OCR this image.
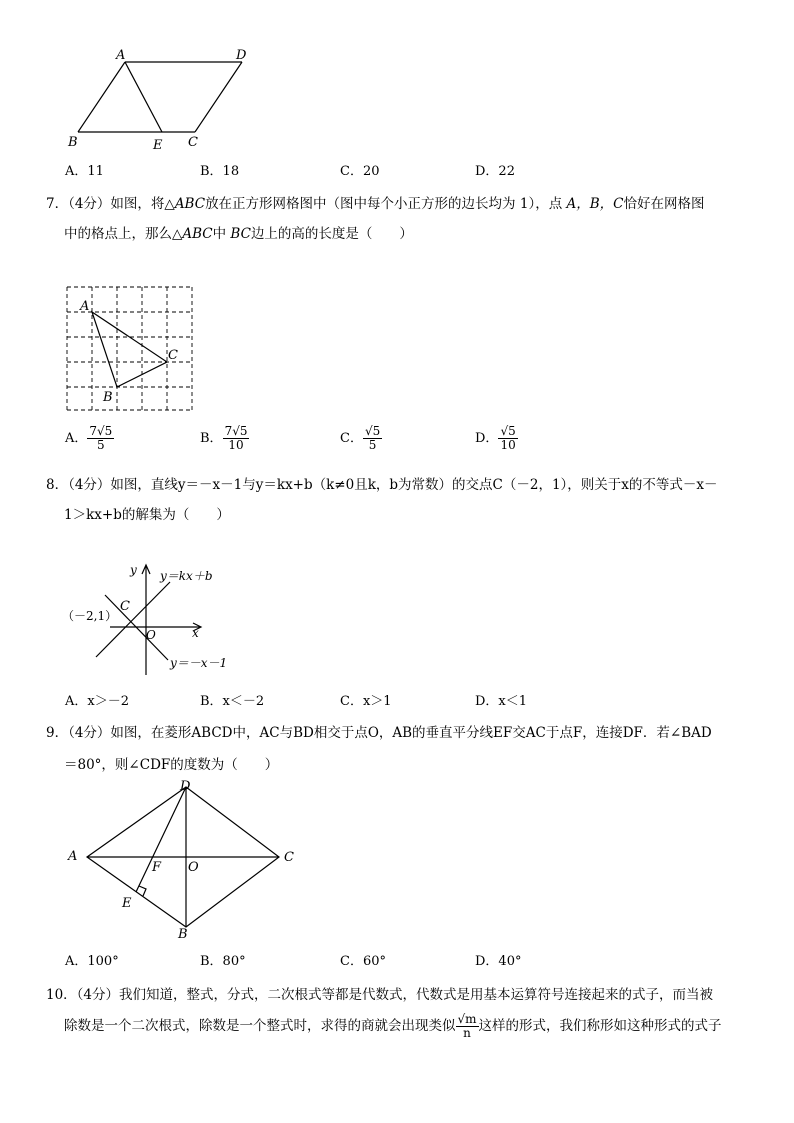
A	D
B	E C
A．11	B．18	C．20	D．22
7．（4分）如图，将△ABC放在正方形网格图中（图中每个小正方形的边长均为 1），点 A，B，C恰好在网格图
中的格点上，那么△ABC中 BC边上的高的长度是（　　）
A
C
B
A． $\frac{7√5}{5}$	B． $\frac{7√5}{10}$	C． $\frac{√5}{5}$	D． $\frac{√5}{10}$
8．（4分）如图，直线y＝－x－1与y＝kx+b（k≠0且k，b为常数）的交点C（－2，1），则关于x的不等式－x－
1＞kx+b的解集为（　　）
y
x
y＝kx＋b
y＝－x－1
（－2,1）
C
O
A．x＞－2	B．x＜－2	C．x＞1	D．x＜1
9．（4分）如图，在菱形ABCD中，AC与BD相交于点O，AB的垂直平分线EF交AC于点F，连接DF．若∠BAD
＝80°，则∠CDF的度数为（　　）
A
D
C
B
F O
E
A．100°	B．80°	C．60°	D．40°
10．（4分）我们知道，整式，分式，二次根式等都是代数式，代数式是用基本运算符号连接起来的式子，而当被
除数是一个二次根式，除数是一个整式时，求得的商就会出现类似 $\frac{√m}{n}$ 这样的形式，我们称形如这种形式的式子
